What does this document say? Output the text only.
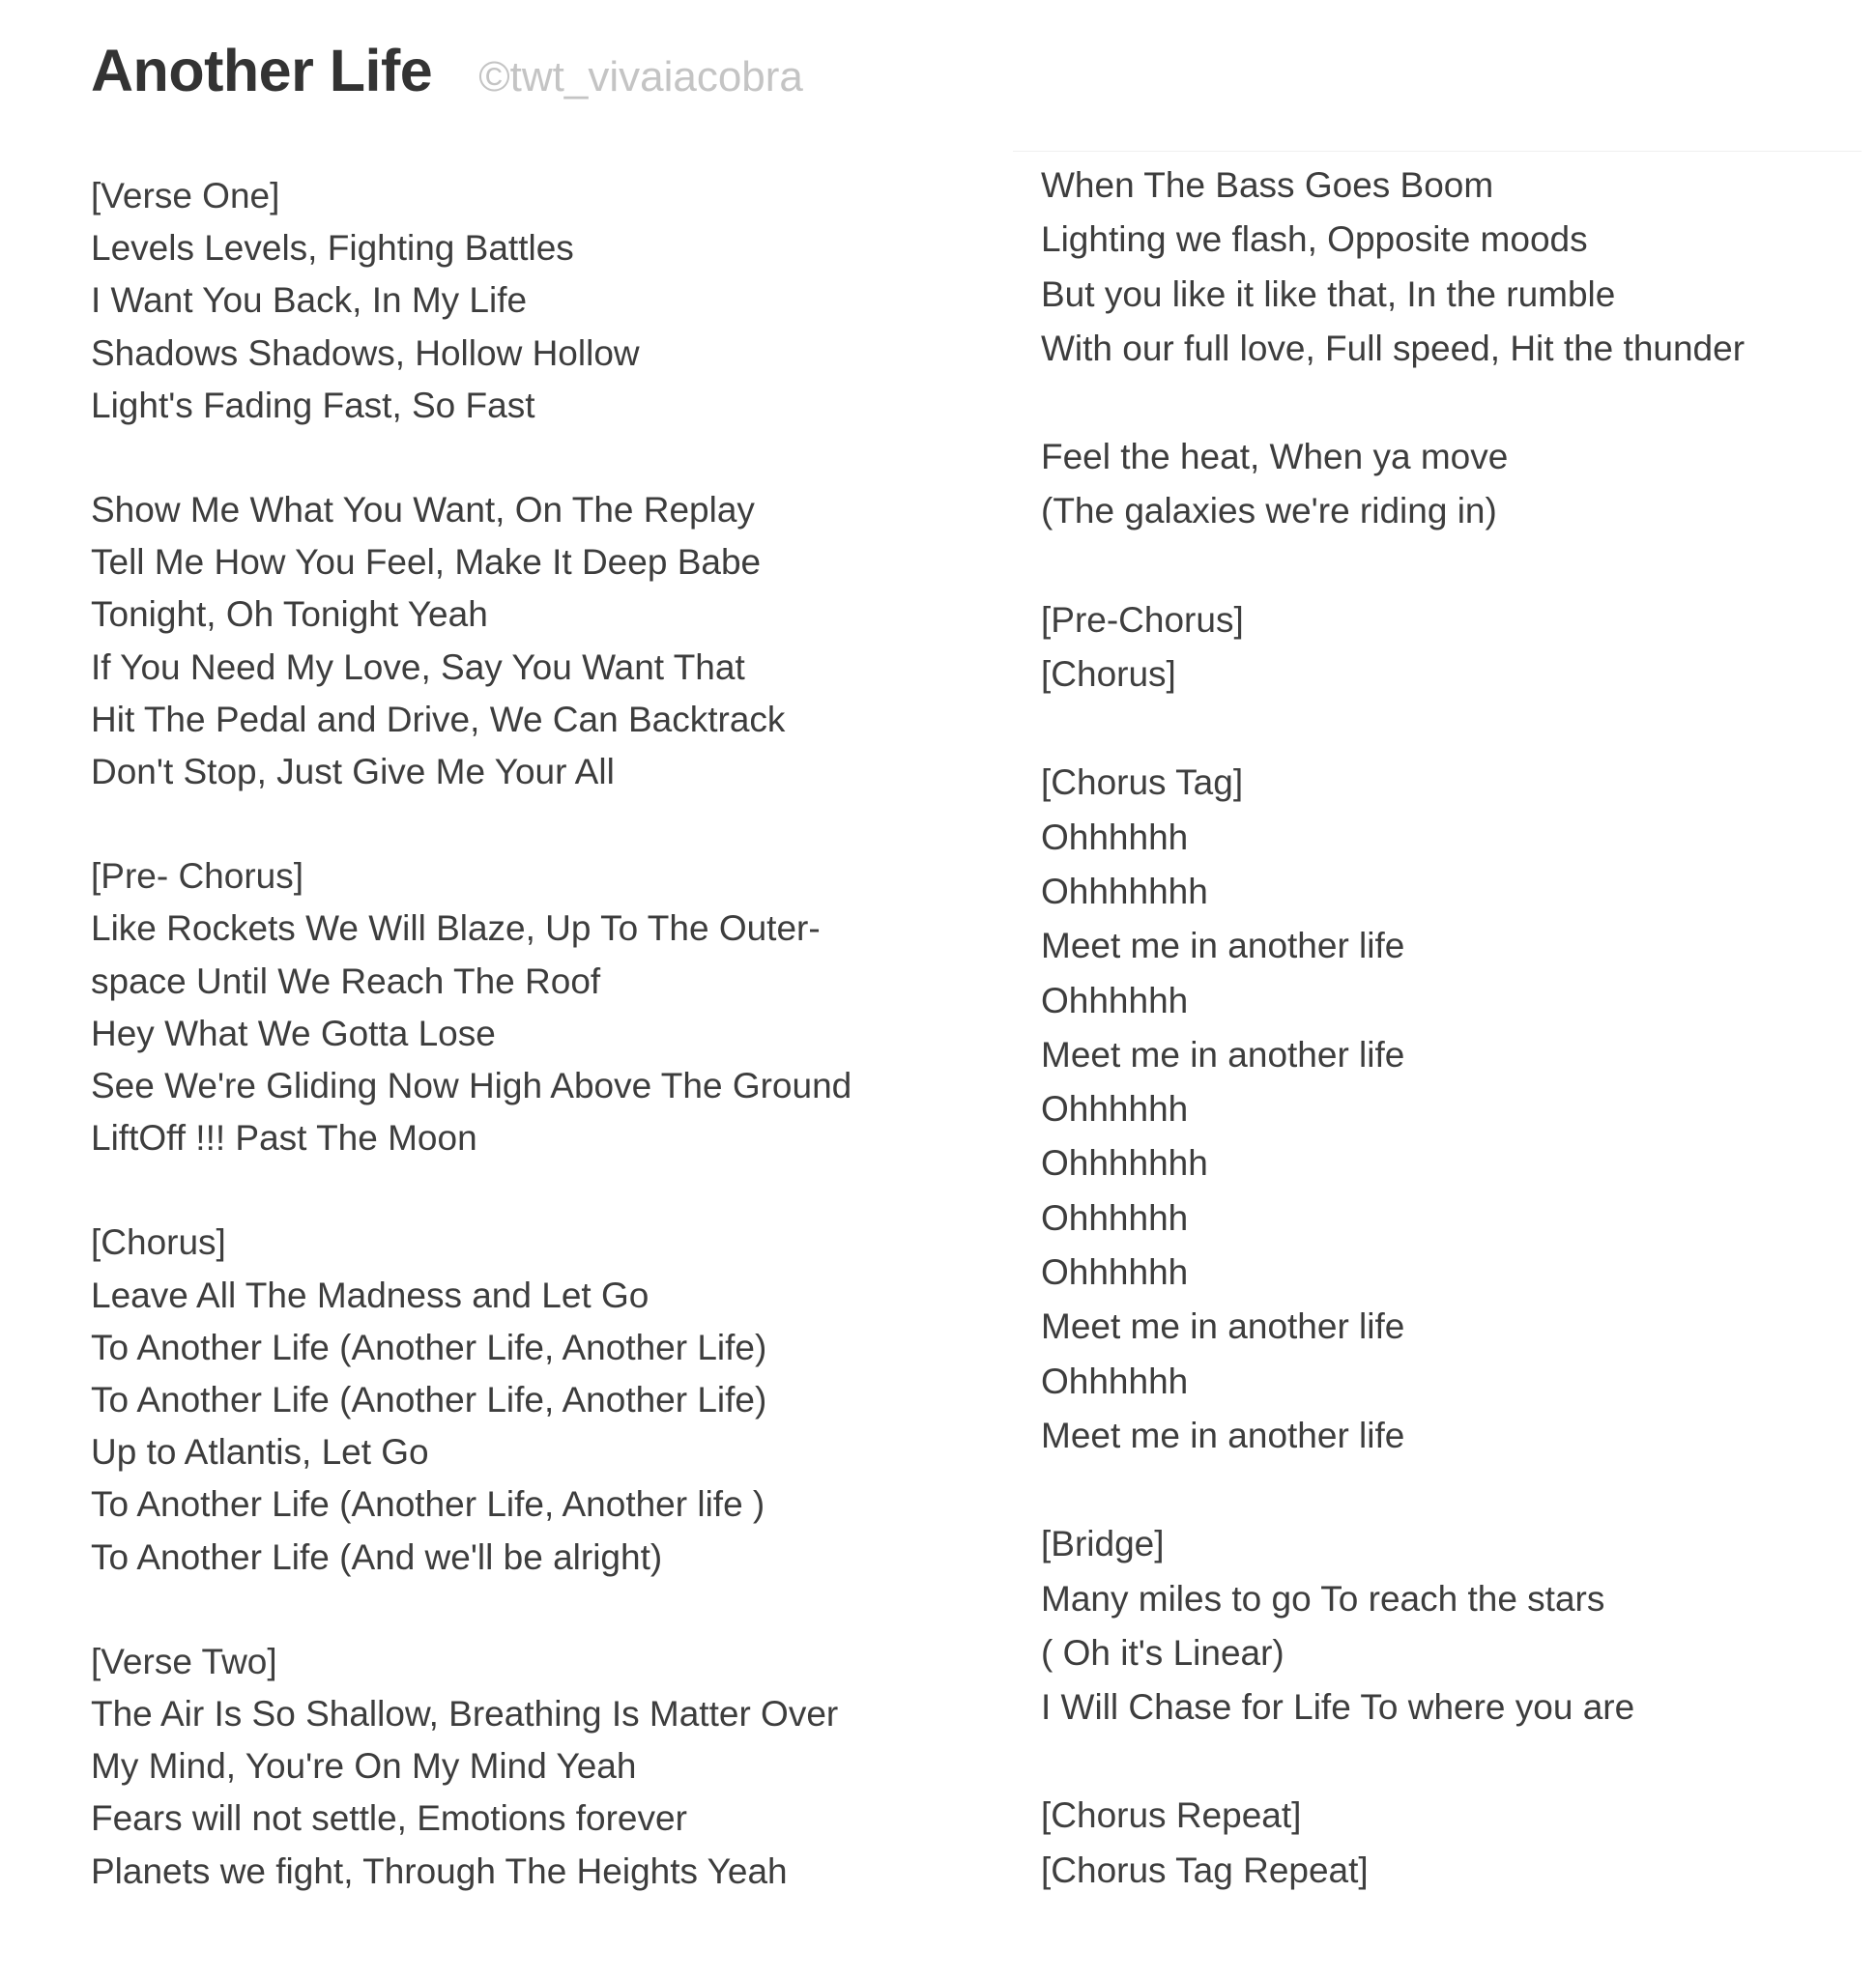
Another Life ©twt_vivaiacobra
[Verse One]
Levels Levels, Fighting Battles
I Want You Back, In My Life
Shadows Shadows, Hollow Hollow
Light's Fading Fast, So Fast
Show Me What You Want, On The Replay
Tell Me How You Feel, Make It Deep Babe
Tonight, Oh Tonight Yeah
If You Need My Love, Say You Want That
Hit The Pedal and Drive, We Can Backtrack
Don't Stop, Just Give Me Your All
[Pre- Chorus]
Like Rockets We Will Blaze, Up To The Outer-
space Until We Reach The Roof
Hey What We Gotta Lose
See We're Gliding Now High Above The Ground
LiftOff !!! Past The Moon
[Chorus]
Leave All The Madness and Let Go
To Another Life (Another Life, Another Life)
To Another Life (Another Life, Another Life)
Up to Atlantis, Let Go
To Another Life (Another Life, Another life )
To Another Life (And we'll be alright)
[Verse Two]
The Air Is So Shallow, Breathing Is Matter Over
My Mind, You're On My Mind Yeah
Fears will not settle, Emotions forever
Planets we fight, Through The Heights Yeah
When The Bass Goes Boom
Lighting we flash, Opposite moods
But you like it like that, In the rumble
With our full love, Full speed, Hit the thunder
Feel the heat, When ya move
(The galaxies we're riding in)
[Pre-Chorus]
[Chorus]
[Chorus Tag]
Ohhhhhh
Ohhhhhhh
Meet me in another life
Ohhhhhh
Meet me in another life
Ohhhhhh
Ohhhhhhh
Ohhhhhh
Ohhhhhh
Meet me in another life
Ohhhhhh
Meet me in another life
[Bridge]
Many miles to go To reach the stars
( Oh it's Linear)
I Will Chase for Life To where you are
[Chorus Repeat]
[Chorus Tag Repeat]
